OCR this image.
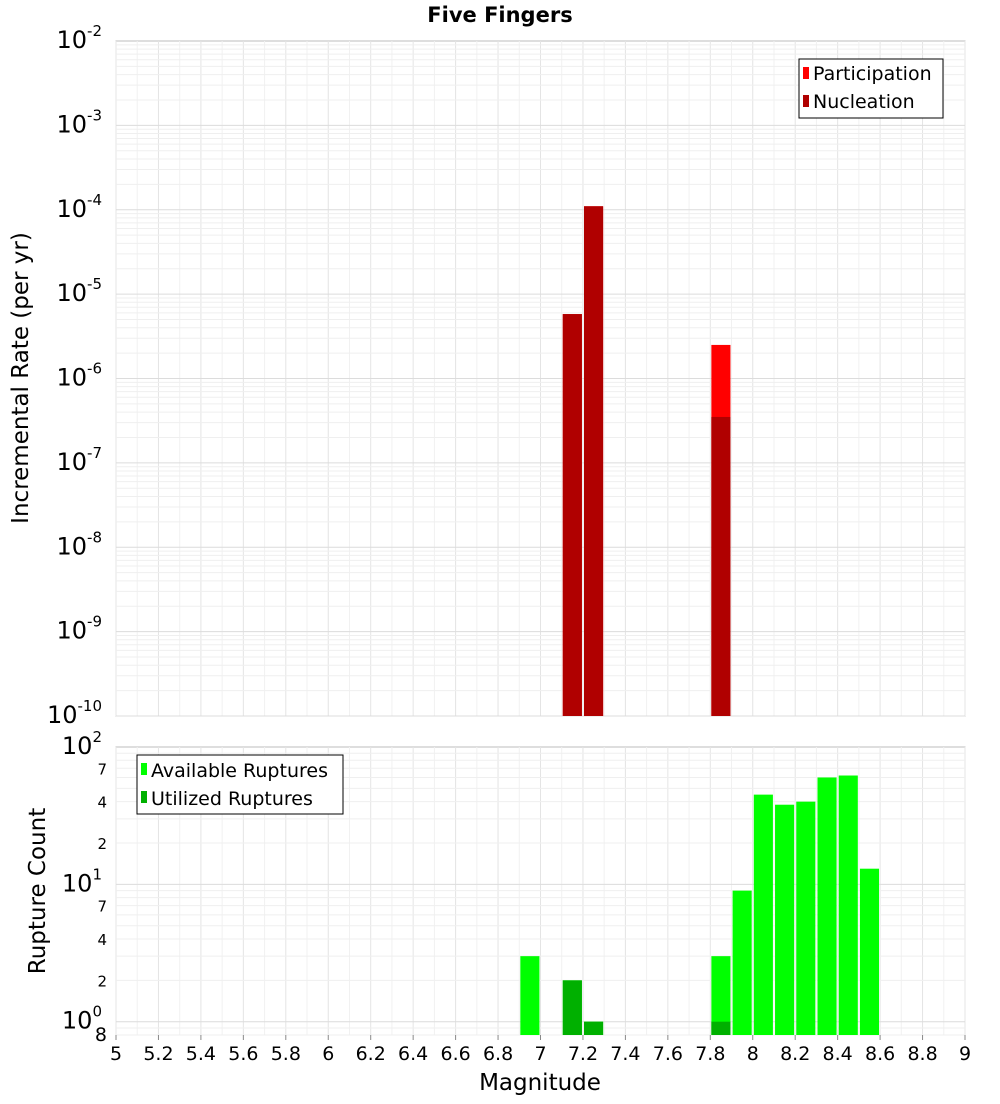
Five Fingers
10-10
10-9
10-8
10-7
10-6
10-5
10-4
10-3
10-2
Incremental Rate (per yr)
Participation
Nucleation
100
101
102
8
2
4
7
2
4
7
Rupture Count
Available Ruptures
Utilized Ruptures
5 5.2 5.4 5.6 5.8 6 6.2 6.4 6.6 6.8 7 7.2 7.4 7.6 7.8 8 8.2 8.4 8.6 8.8 9
Magnitude
